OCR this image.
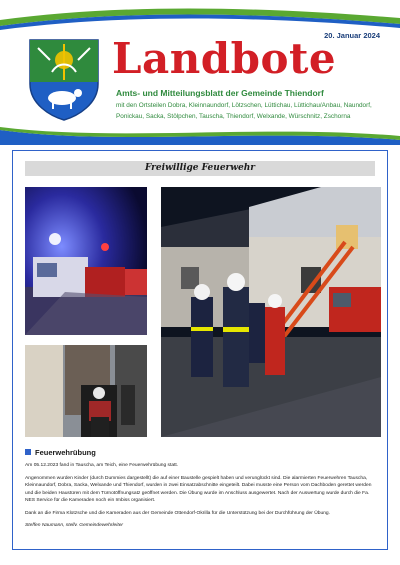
20. Januar 2024
Landbote
Amts- und Mitteilungsblatt der Gemeinde Thiendorf
mit den Ortsteilen Dobra, Kleinnaundorf, Lötzschen, Lüttichau, Lüttichau/Anbau, Naundorf, Ponickau, Sacka, Stölpchen, Tauscha, Thiendorf, Welxande, Würschnitz, Zschorna
Freiwillige Feuerwehr
Feuerwehrübung

Am 05.12.2023 fand in Tauscha, am Teich, eine Feuerwehrübung statt.

Angenommen wurden Kinder (durch Dummies dargestellt) die auf einer Baustelle gespielt haben und verunglückt sind. Die alarmierten Feuerwehren Tauscha, Kleinnaundorf, Dobra, Sacka, Welxande und Thiendorf, wurden in zwei Einsatzabschnitte eingeteilt. Dabei musste eine Person vom Dachboden gerettet werden und die beiden Haustüren mit dem Türnotöffnungsatz geöffnet werden. Die Übung wurde im Anschluss ausgewertet. Nach der Auswertung wurde durch die Fa. NES Service für die Kameraden noch ein Imbiss organisiert.

Dank an die Firma Klotzsche und die Kameraden aus der Gemeinde Ottendorf-Okrilla für die Unterstützung bei der Durchführung der Übung.

Steffen Naumann, stellv. Gemeindewehrleiter
